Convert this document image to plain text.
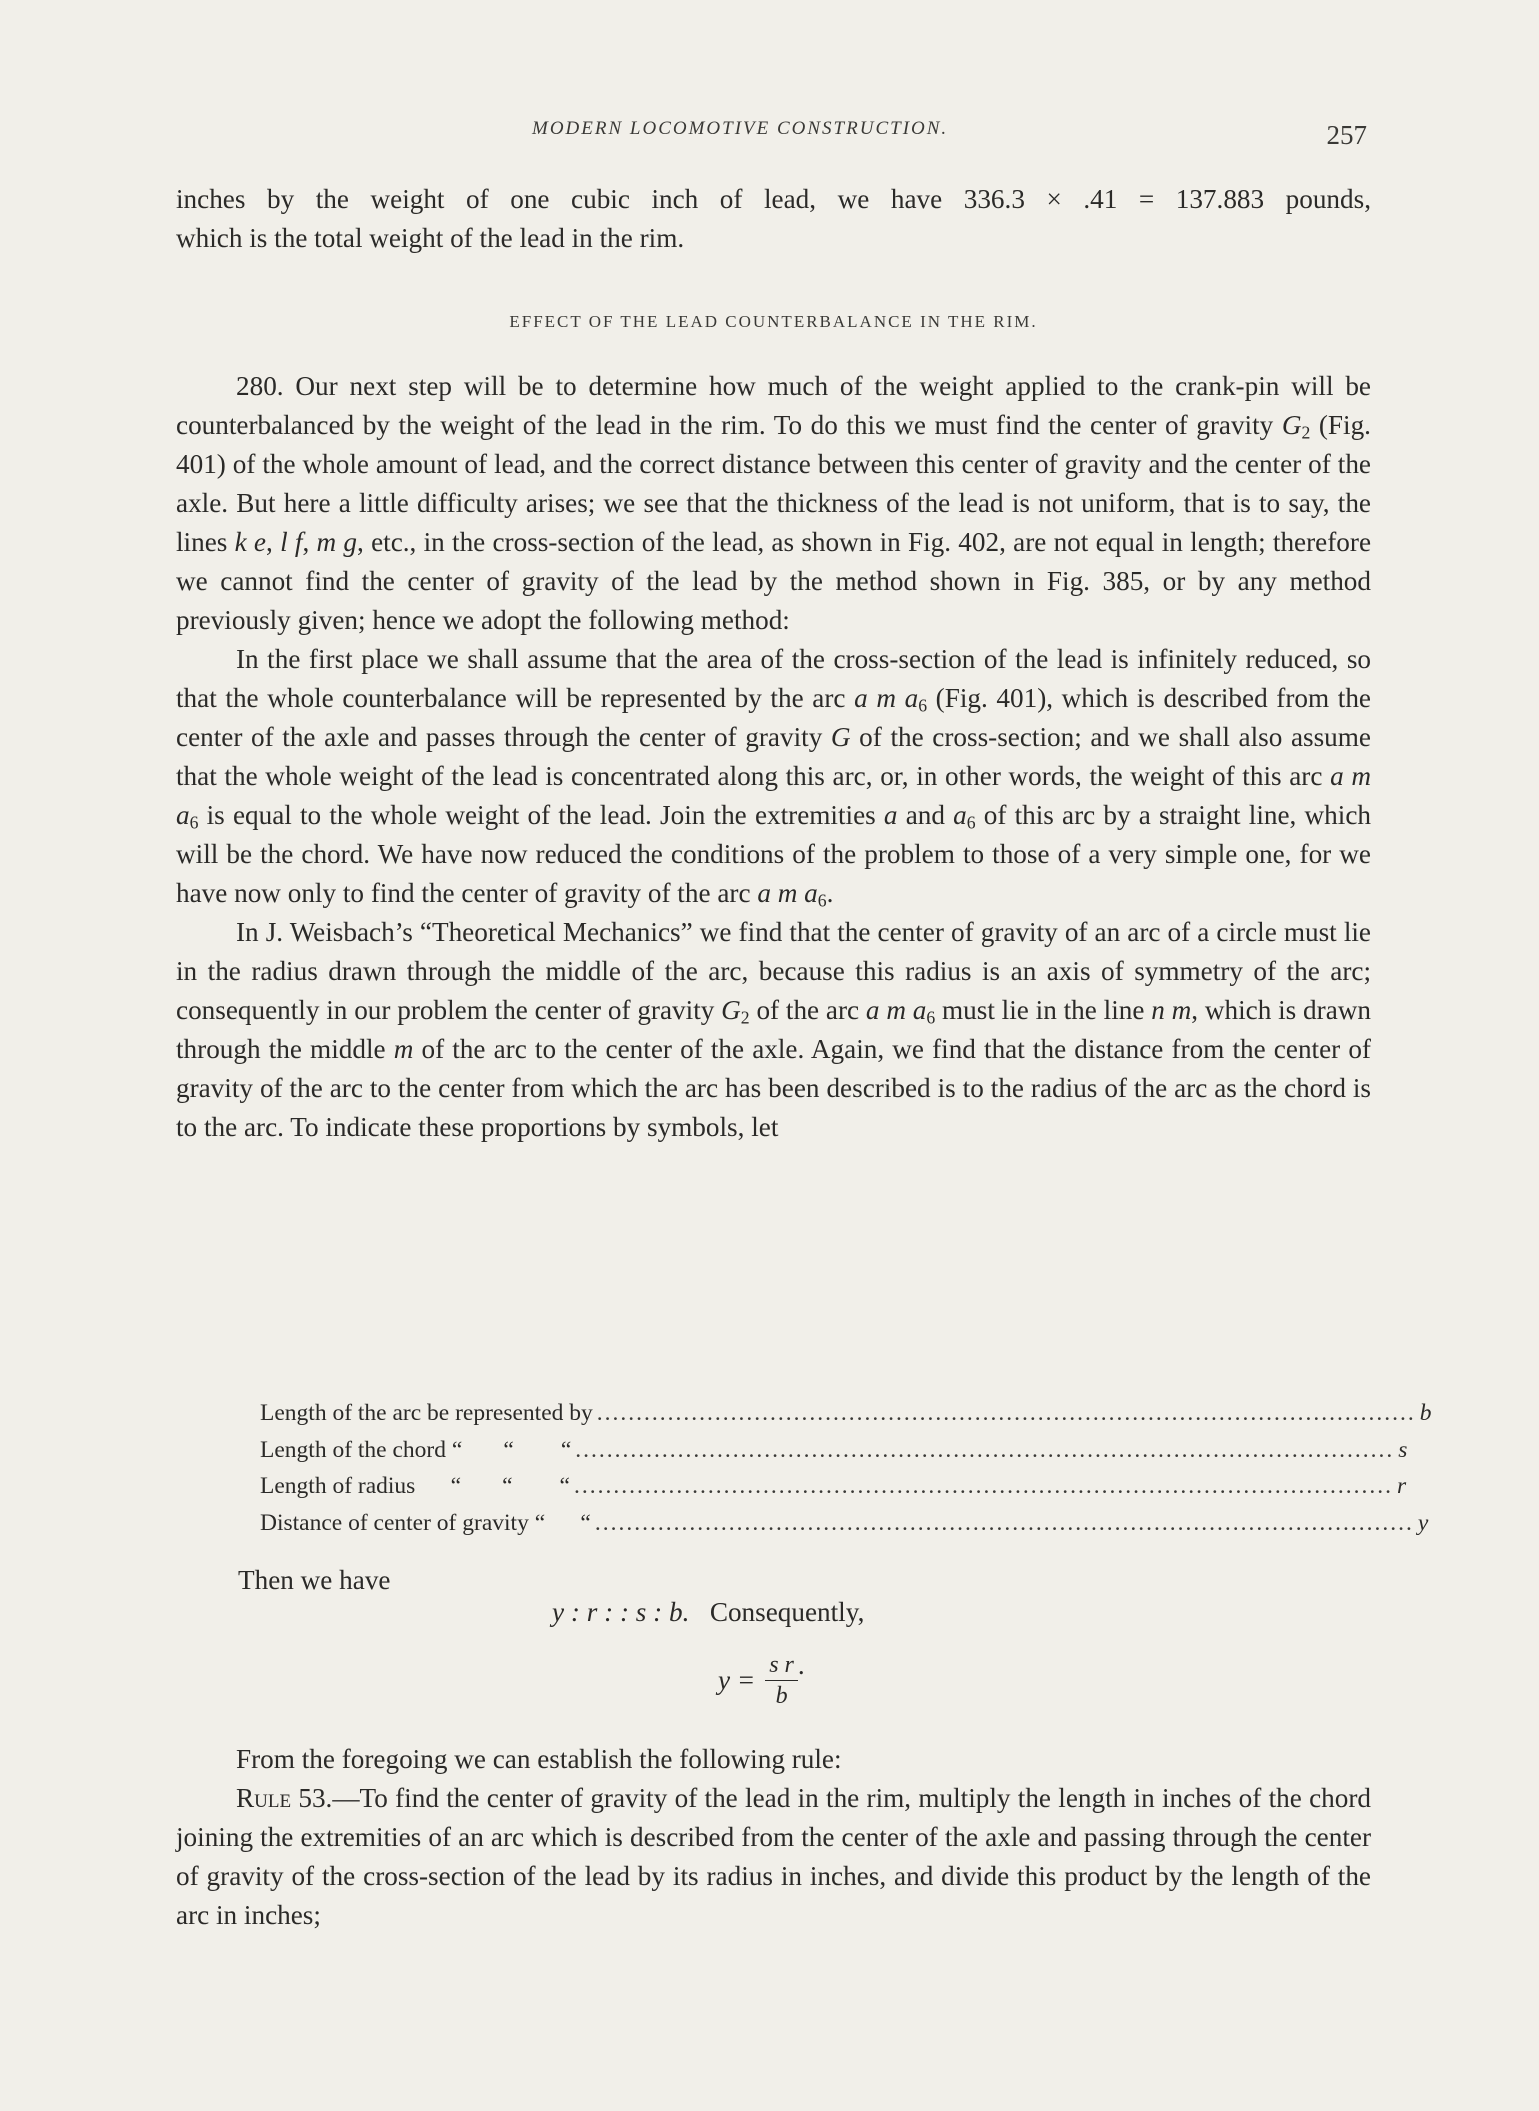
MODERN LOCOMOTIVE CONSTRUCTION.	257

inches by the weight of one cubic inch of lead, we have 336.3 × .41 = 137.883 pounds,

which is the total weight of the lead in the rim.

EFFECT OF THE LEAD COUNTERBALANCE IN THE RIM.

280. Our next step will be to determine how much of the weight applied to the crank-pin will be counterbalanced by the weight of the lead in the rim. To do this we must find the center of gravity $G_2$ (Fig. 401) of the whole amount of lead, and the correct distance between this center of gravity and the center of the axle. But here a little difficulty arises; we see that the thickness of the lead is not uniform, that is to say, the lines k e, l f, m g, etc., in the cross-section of the lead, as shown in Fig. 402, are not equal in length; therefore we cannot find the center of gravity of the lead by the method shown in Fig. 385, or by any method previously given; hence we adopt the following method:

In the first place we shall assume that the area of the cross-section of the lead is infinitely reduced, so that the whole counterbalance will be represented by the arc a m $a_6$ (Fig. 401), which is described from the center of the axle and passes through the center of gravity G of the cross-section; and we shall also assume that the whole weight of the lead is concentrated along this arc, or, in other words, the weight of this arc a m $a_6$ is equal to the whole weight of the lead. Join the extremities a and $a_6$ of this arc by a straight line, which will be the chord. We have now reduced the conditions of the problem to those of a very simple one, for we have now only to find the center of gravity of the arc a m $a_6$.

In J. Weisbach’s “Theoretical Mechanics” we find that the center of gravity of an arc of a circle must lie in the radius drawn through the middle of the arc, because this radius is an axis of symmetry of the arc; consequently in our problem the center of gravity $G_2$ of the arc a m $a_6$ must lie in the line n m, which is drawn through the middle m of the arc to the center of the axle. Again, we find that the distance from the center of gravity of the arc to the center from which the arc has been described is to the radius of the arc as the chord is to the arc. To indicate these proportions by symbols, let

Length of the arc be represented by ........................................................................................................ b
Length of the chord “       “        “ ........................................................................................................ s
Length of radius      “       “        “ ........................................................................................................ r
Distance of center of gravity “      “ ........................................................................................................ y
Then we have
y : r : : s : b. Consequently,
$y = \frac{\text{s r}}{b}$ .

From the foregoing we can establish the following rule:

Rule 53.—To find the center of gravity of the lead in the rim, multiply the length in inches of the chord joining the extremities of an arc which is described from the center of the axle and passing through the center of gravity of the cross-section of the lead by its radius in inches, and divide this product by the length of the arc in inches;
